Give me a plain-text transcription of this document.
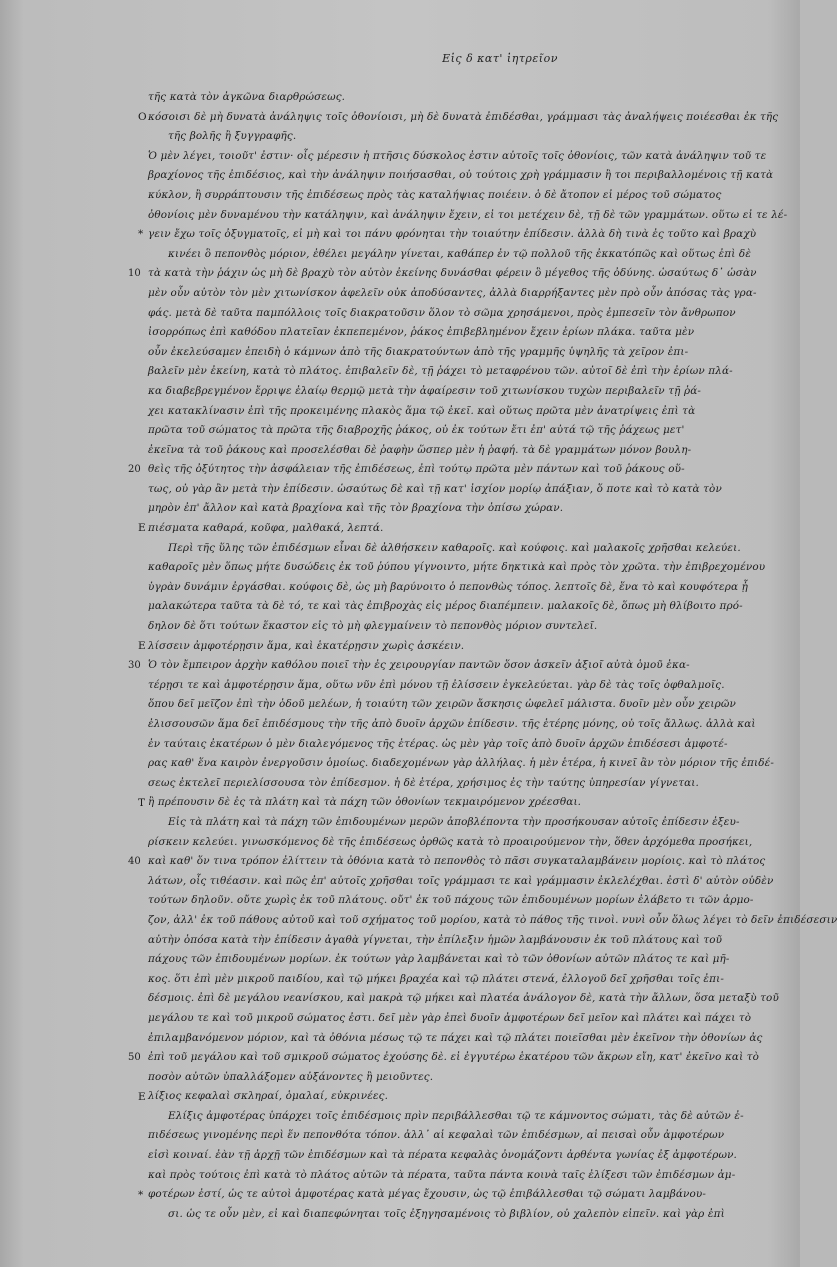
Εἰς δ κατ' ἰητρεῖον
τῆς κατὰ τὸν ἀγκῶνα διαρθρώσεως.
κόσοισι δὲ μὴ δυνατὰ ἀνάληψις τοῖς ὀθονίοισι, μὴ δὲ δυνατὰ ἐπιδέσθαι, γράμμασι τὰς ἀναλήψεις ποιέεσθαι ἐκ τῆς
Ο
τῆς βολῆς ἢ ξυγγραφῆς.
Ὁ μὲν λέγει, τοιοῦτ' ἐστιν· οἷς μέρεσιν ἡ πτῆσις δύσκολος ἐστιν αὐτοῖς τοῖς ὀθονίοις, τῶν κατὰ ἀνάληψιν τοῦ τε
βραχίονος τῆς ἐπιδέσιος, καὶ τὴν ἀνάληψιν ποιήσασθαι, οὐ τούτοις χρὴ γράμμασιν ἢ τοι περιβαλλομένοις τῇ κατὰ
κύκλον, ἢ συρράπτουσιν τῆς ἐπιδέσεως πρὸς τὰς καταλήψιας ποιέειν. ὁ δὲ ἄτοπον εἰ μέρος τοῦ σώματος
ὀθονίοις μὲν δυναμένου τὴν κατάληψιν, καὶ ἀνάληψιν ἔχειν, εἰ τοι μετέχειν δὲ, τῇ δὲ τῶν γραμμάτων. οὕτω εἰ τε λέ-
γειν ἔχω τοῖς ὀξυγματοῖς, εἰ μὴ καὶ τοι πάνυ φρόνηται τὴν τοιαύτην ἐπίδεσιν. ἀλλὰ δὴ τινὰ ἐς τοῦτο καὶ βραχὺ
*
κινέει ὃ πεπονθὸς μόριον, ἐθέλει μεγάλην γίνεται, καθάπερ ἐν τῷ πολλοῦ τῆς ἐκκατόπῶς καὶ οὕτως ἐπὶ δὲ
τὰ κατὰ τὴν ῥάχιν ὡς μὴ δὲ βραχὺ τὸν αὐτὸν ἐκείνης δυνάσθαι φέρειν ὃ μέγεθος τῆς ὀδύνης. ὡσαύτως δ᾽ ὡσὰν
10
μὲν οὖν αὐτὸν τὸν μὲν χιτωνίσκον ἀφελεῖν οὐκ ἀποδύσαντες, ἀλλὰ διαρρήξαντες μὲν πρὸ οὖν ἀπόσας τὰς γρα-
φάς. μετὰ δὲ ταῦτα παμπόλλοις τοῖς διακρατοῦσιν ὅλον τὸ σῶμα χρησάμενοι, πρὸς ἐμπεσεῖν τὸν ἄνθρωπον
ἰσορρόπως ἐπὶ καθόδου πλατεῖαν ἐκπεπεμένον, ῥάκος ἐπιβεβλημένον ἔχειν ἐρίων πλάκα. ταῦτα μὲν
οὖν ἐκελεύσαμεν ἐπειδὴ ὁ κάμνων ἀπὸ τῆς διακρατούντων ἀπὸ τῆς γραμμῆς ὑψηλῆς τὰ χεῖρον ἐπι-
βαλεῖν μὲν ἐκείνη, κατὰ τὸ πλάτος. ἐπιβαλεῖν δὲ, τῇ ῥάχει τὸ μεταφρένου τῶν. αὐτοῖ δὲ ἐπὶ τὴν ἐρίων πλά-
κα διαβεβρεγμένον ἔρριψε ἐλαίῳ θερμῷ μετὰ τὴν ἀφαίρεσιν τοῦ χιτωνίσκου τυχὼν περιβαλεῖν τῇ ῥά-
χει κατακλίνασιν ἐπὶ τῆς προκειμένης πλακὸς ἅμα τῷ ἐκεῖ. καὶ οὕτως πρῶτα μὲν ἀνατρίψεις ἐπὶ τὰ
πρῶτα τοῦ σώματος τὰ πρῶτα τῆς διαβροχῆς ῥάκος, οὐ ἐκ τούτων ἔτι ἐπ' αὐτά τῷ τῆς ῥάχεως μετ'
ἐκεῖνα τὰ τοῦ ῥάκους καὶ προσελέσθαι δὲ ῥαφὴν ὥσπερ μὲν ἡ ῥαφή. τὰ δὲ γραμμάτων μόνον βουλη-
θεὶς τῆς ὀξύτητος τὴν ἀσφάλειαν τῆς ἐπιδέσεως, ἐπὶ τούτῳ πρῶτα μὲν πάντων καὶ τοῦ ῥάκους οὕ-
20
τως, οὐ γὰρ ἂν μετὰ τὴν ἐπίδεσιν. ὡσαύτως δὲ καὶ τῇ κατ' ἰσχίον μορίῳ ἀπάξιαν, ὅ ποτε καὶ τὸ κατὰ τὸν
μηρὸν ἐπ' ἄλλον καὶ κατὰ βραχίονα καὶ τῆς τὸν βραχίονα τὴν ὀπίσω χώραν.
πιέσματα καθαρά, κοῦφα, μαλθακά, λεπτά.
Ε
Περὶ τῆς ὕλης τῶν ἐπιδέσμων εἶναι δὲ ἀλθήσκειν καθαροῖς. καὶ κούφοις. καὶ μαλακοῖς χρῆσθαι κελεύει.
καθαροῖς μὲν ὅπως μήτε δυσώδεις ἐκ τοῦ ῥύπου γίγνοιντο, μήτε δηκτικὰ καὶ πρὸς τὸν χρῶτα. τὴν ἐπιβρεχομένου
ὑγρὰν δυνάμιν ἐργάσθαι. κούφοις δὲ, ὡς μὴ βαρύνοιτο ὁ πεπονθὼς τόπος. λεπτοῖς δὲ, ἕνα τὸ καὶ κουφότερα ᾖ
μαλακώτερα ταῦτα τὰ δὲ τό, τε καὶ τὰς ἐπιβροχὰς εἰς μέρος διαπέμπειν. μαλακοῖς δὲ, ὅπως μὴ θλίβοιτο πρό-
δηλον δὲ ὅτι τούτων ἕκαστον εἰς τὸ μὴ φλεγμαίνειν τὸ πεπονθὸς μόριον συντελεῖ.
λίσσειν ἀμφοτέρῃσιν ἅμα, καὶ ἑκατέρῃσιν χωρὶς ἀσκέειν.
Ε
Ὁ τὸν ἔμπειρον ἀρχὴν καθόλου ποιεῖ τὴν ἐς χειρουργίαν παντῶν ὅσον ἀσκεῖν ἀξιοῖ αὐτὰ ὁμοῦ ἑκα-
30
τέρῃσι τε καὶ ἀμφοτέρῃσιν ἅμα, οὕτω νῦν ἐπὶ μόνου τῇ ἐλίσσειν ἐγκελεύεται. γὰρ δὲ τὰς τοῖς ὀφθαλμοῖς.
ὅπου δεῖ μεῖζον ἐπὶ τὴν ὁδοῦ μελέων, ἡ τοιαύτη τῶν χειρῶν ἄσκησις ὠφελεῖ μάλιστα. δυοῖν μὲν οὖν χειρῶν
ἐλισσουσῶν ἅμα δεῖ ἐπιδέσμους τὴν τῆς ἀπὸ δυοῖν ἀρχῶν ἐπίδεσιν. τῆς ἑτέρης μόνης, οὐ τοῖς ἄλλως. ἀλλὰ καὶ
ἐν ταύταις ἐκατέρων ὁ μὲν διαλεγόμενος τῆς ἑτέρας. ὡς μὲν γὰρ τοῖς ἀπὸ δυοῖν ἀρχῶν ἐπιδέσεσι ἀμφοτέ-
ρας καθ' ἕνα καιρὸν ἐνεργοῦσιν ὁμοίως. διαδεχομένων γὰρ ἀλλήλας. ἡ μὲν ἑτέρα, ἡ κινεῖ ἂν τὸν μόριον τῆς ἐπιδέ-
σεως ἐκτελεῖ περιελίσσουσα τὸν ἐπίδεσμον. ἡ δὲ ἑτέρα, χρήσιμος ἐς τὴν ταύτης ὑπηρεσίαν γίγνεται.
ἢ πρέπουσιν δὲ ἐς τὰ πλάτη καὶ τὰ πάχη τῶν ὀθονίων τεκμαιρόμενον χρέεσθαι.
Τ
Εἰς τὰ πλάτη καὶ τὰ πάχη τῶν ἐπιδουμένων μερῶν ἀποβλέποντα τὴν προσήκουσαν αὐτοῖς ἐπίδεσιν ἐξευ-
ρίσκειν κελεύει. γινωσκόμενος δὲ τῆς ἐπιδέσεως ὀρθῶς κατὰ τὸ προαιρούμενον τὴν, ὅθεν ἀρχόμεθα προσήκει,
καὶ καθ' ὅν τινα τρόπον ἐλίττειν τὰ ὀθόνια κατὰ τὸ πεπονθὸς τὸ πᾶσι συγκαταλαμβάνειν μορίοις. καὶ τὸ πλάτος
40
λάτων, οἷς τιθέασιν. καὶ πῶς ἐπ' αὐτοῖς χρῆσθαι τοῖς γράμμασι τε καὶ γράμμασιν ἐκλελέχθαι. ἐστὶ δ' αὐτὸν οὐδὲν
τούτων δηλοῦν. οὔτε χωρὶς ἐκ τοῦ πλάτους. οὔτ' ἐκ τοῦ πάχους τῶν ἐπιδουμένων μορίων ἐλάβετο τι τῶν ἀρμο-
ζον, ἀλλ' ἐκ τοῦ πάθους αὐτοῦ καὶ τοῦ σχήματος τοῦ μορίου, κατὰ τὸ πάθος τῆς τινοὶ. νυνὶ οὖν ὅλως λέγει τὸ δεῖν ἐπιδέσεσιν
αὐτὴν ὁπόσα κατὰ τὴν ἐπίδεσιν ἀγαθὰ γίγνεται, τὴν ἐπίλεξιν ἡμῶν λαμβάνουσιν ἐκ τοῦ πλάτους καὶ τοῦ
πάχους τῶν ἐπιδουμένων μορίων. ἐκ τούτων γὰρ λαμβάνεται καὶ τὸ τῶν ὀθονίων αὐτῶν πλάτος τε καὶ μῆ-
κος. ὅτι ἐπὶ μὲν μικροῦ παιδίου, καὶ τῷ μήκει βραχέα καὶ τῷ πλάτει στενά, ἐλλογοῦ δεῖ χρῆσθαι τοῖς ἐπι-
δέσμοις. ἐπὶ δὲ μεγάλου νεανίσκου, καὶ μακρὰ τῷ μήκει καὶ πλατέα ἀνάλογον δὲ, κατὰ τὴν ἄλλων, ὅσα μεταξὺ τοῦ
μεγάλου τε καὶ τοῦ μικροῦ σώματος ἐστι. δεῖ μὲν γὰρ ἐπεὶ δυοῖν ἀμφοτέρων δεῖ μεῖον καὶ πλάτει καὶ πάχει τὸ
ἐπιλαμβανόμενον μόριον, καὶ τὰ ὀθόνια μέσως τῷ τε πάχει καὶ τῷ πλάτει ποιεῖσθαι μὲν ἐκεῖνον τὴν ὀθονίων ἀς
ἐπὶ τοῦ μεγάλου καὶ τοῦ σμικροῦ σώματος ἐχούσης δὲ. εἰ ἐγγυτέρω ἑκατέρου τῶν ἄκρων εἴη, κατ' ἐκεῖνο καὶ τὸ
50
ποσὸν αὐτῶν ὑπαλλάξομεν αὐξάνοντες ἢ μειοῦντες.
λίξιος κεφαλαὶ σκληραί, ὁμαλαί, εὐκρινέες.
Ε
Ελίξις ἀμφοτέρας ὑπάρχει τοῖς ἐπιδέσμοις πρὶν περιβάλλεσθαι τῷ τε κάμνοντος σώματι, τὰς δὲ αὐτῶν ἐ-
πιδέσεως γινομένης περὶ ἕν πεπονθότα τόπον. ἀλλ᾽ αἱ κεφαλαὶ τῶν ἐπιδέσμων, αἱ πεισαὶ οὖν ἀμφοτέρων
εἰσὶ κοιναί. ἐὰν τῇ ἀρχῇ τῶν ἐπιδέσμων καὶ τὰ πέρατα κεφαλὰς ὀνομάζοντι ἀρθέντα γωνίας ἐξ ἀμφοτέρων.
καὶ πρὸς τούτοις ἐπὶ κατὰ τὸ πλάτος αὐτῶν τὰ πέρατα, ταῦτα πάντα κοινὰ ταῖς ἐλίξεσι τῶν ἐπιδέσμων ἀμ-
φοτέρων ἐστί, ὡς τε αὐτοὶ ἀμφοτέρας κατὰ μέγας ἔχουσιν, ὡς τῷ ἐπιβάλλεσθαι τῷ σώματι λαμβάνου-
*
σι. ὡς τε οὖν μὲν, εἰ καὶ διαπεφώνηται τοῖς ἐξηγησαμένοις τὸ βιβλίον, οὐ χαλεπὸν εἰπεῖν. καὶ γὰρ ἐπὶ
